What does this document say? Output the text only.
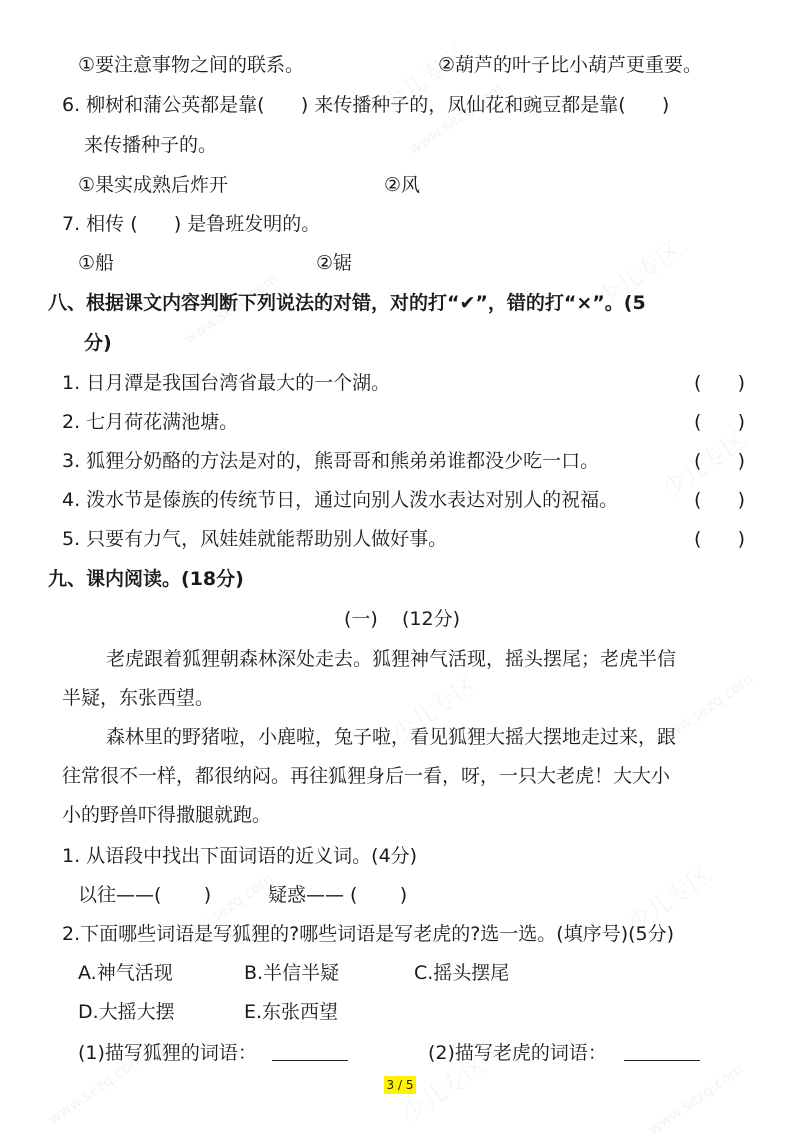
www.sezq.com
www.sezq.com
www.sezq.com
www.sezq.com
www.sezq.com
www.sezq.com
①要注意事物之间的联系。	②葫芦的叶子比小葫芦更重要。
6. 柳树和蒲公英都是靠(      ) 来传播种子的，凤仙花和豌豆都是靠(      )
来传播种子的。
①果实成熟后炸开	②风
7. 相传 (      ) 是鲁班发明的。
①船	②锯
八、根据课文内容判断下列说法的对错，对的打“✔”，错的打“×”。(5
分)
1. 日月潭是我国台湾省最大的一个湖。	(      )
2. 七月荷花满池塘。	(      )
3. 狐狸分奶酪的方法是对的，熊哥哥和熊弟弟谁都没少吃一口。	(      )
4. 泼水节是傣族的传统节日，通过向别人泼水表达对别人的祝福。	(      )
5. 只要有力气，风娃娃就能帮助别人做好事。	(      )
九、课内阅读。(18分)
(一)    (12分)
老虎跟着狐狸朝森林深处走去。狐狸神气活现，摇头摆尾；老虎半信
半疑，东张西望。
森林里的野猪啦，小鹿啦，兔子啦，看见狐狸大摇大摆地走过来，跟
往常很不一样，都很纳闷。再往狐狸身后一看，呀，一只大老虎！大大小
小的野兽吓得撒腿就跑。
1. 从语段中找出下面词语的近义词。(4分)
以往——(       )	疑惑—— (       )
2.下面哪些词语是写狐狸的?哪些词语是写老虎的?选一选。(填序号)(5分)
A.神气活现	B.半信半疑	C.摇头摆尾
D.大摇大摆	E.东张西望
(1)描写狐狸的词语：	(2)描写老虎的词语：
3 / 5
